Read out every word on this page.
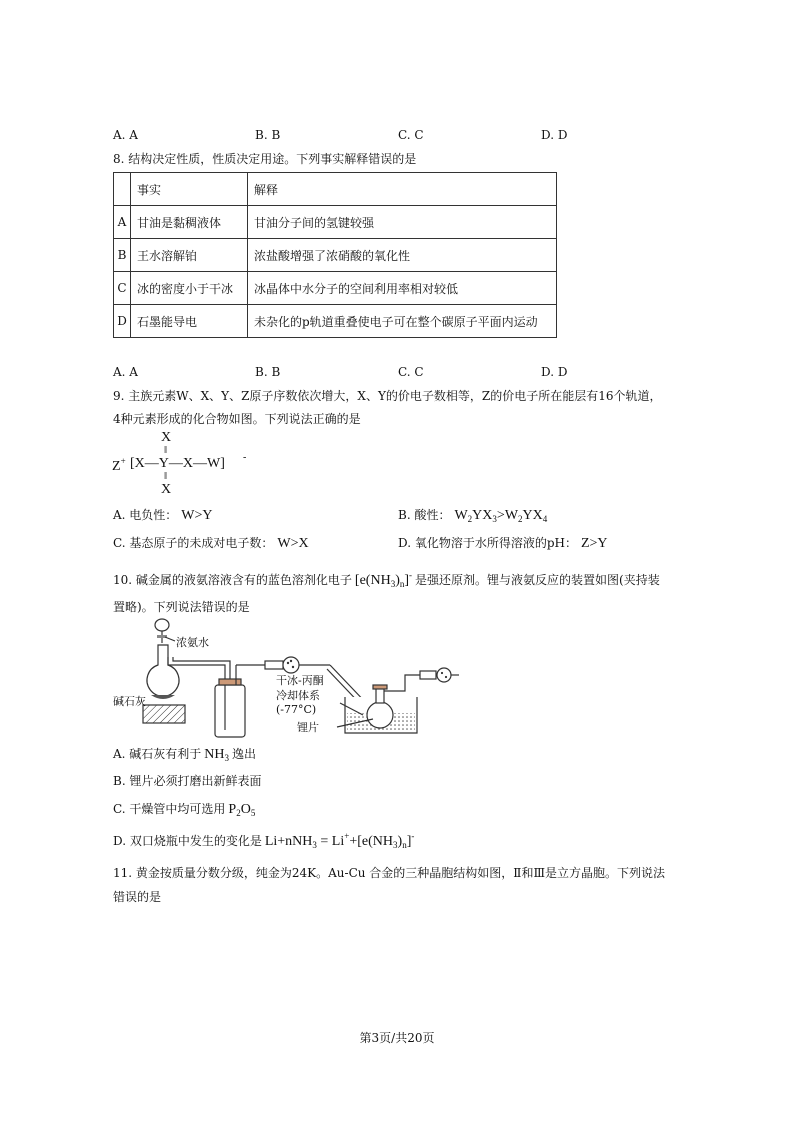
A. A	B. B	C. C	D. D
8. 结构决定性质，性质决定用途。下列事实解释错误的是
	事实	解释
A	甘油是黏稠液体	甘油分子间的氢键较强
B	王水溶解铂	浓盐酸增强了浓硝酸的氧化性
C	冰的密度小于干冰	冰晶体中水分子的空间利用率相对较低
D	石墨能导电	未杂化的p轨道重叠使电子可在整个碳原子平面内运动
A. A	B. B	C. C	D. D
9. 主族元素W、X、Y、Z原子序数依次增大，X、Y的价电子数相等，Z的价电子所在能层有16个轨道，
4种元素形成的化合物如图。下列说法正确的是
X
‖
Z+ [X—Y—X—W] -
‖
X
A. 电负性： W>Y	B. 酸性： $W_2YX_3>W_2YX_4$
C. 基态原子的未成对电子数： W>X	D. 氧化物溶于水所得溶液的pH： Z>Y
10. 碱金属的液氨溶液含有的蓝色溶剂化电子 $[e(NH_3)_n]^-$ 是强还原剂。锂与液氨反应的装置如图(夹持装
置略)。下列说法错误的是
浓氨水
碱石灰
干冰-丙酮
冷却体系
(-77°C)
锂片
A. 碱石灰有利于 $NH_3$ 逸出
B. 锂片必须打磨出新鲜表面
C. 干燥管中均可选用 $P_2O_5$
D. 双口烧瓶中发生的变化是 $Li+nNH_3 = Li^++[e(NH_3)_n]^-$
11. 黄金按质量分数分级，纯金为24K。Au-Cu 合金的三种晶胞结构如图，Ⅱ和Ⅲ是立方晶胞。下列说法
错误的是
第3页/共20页
